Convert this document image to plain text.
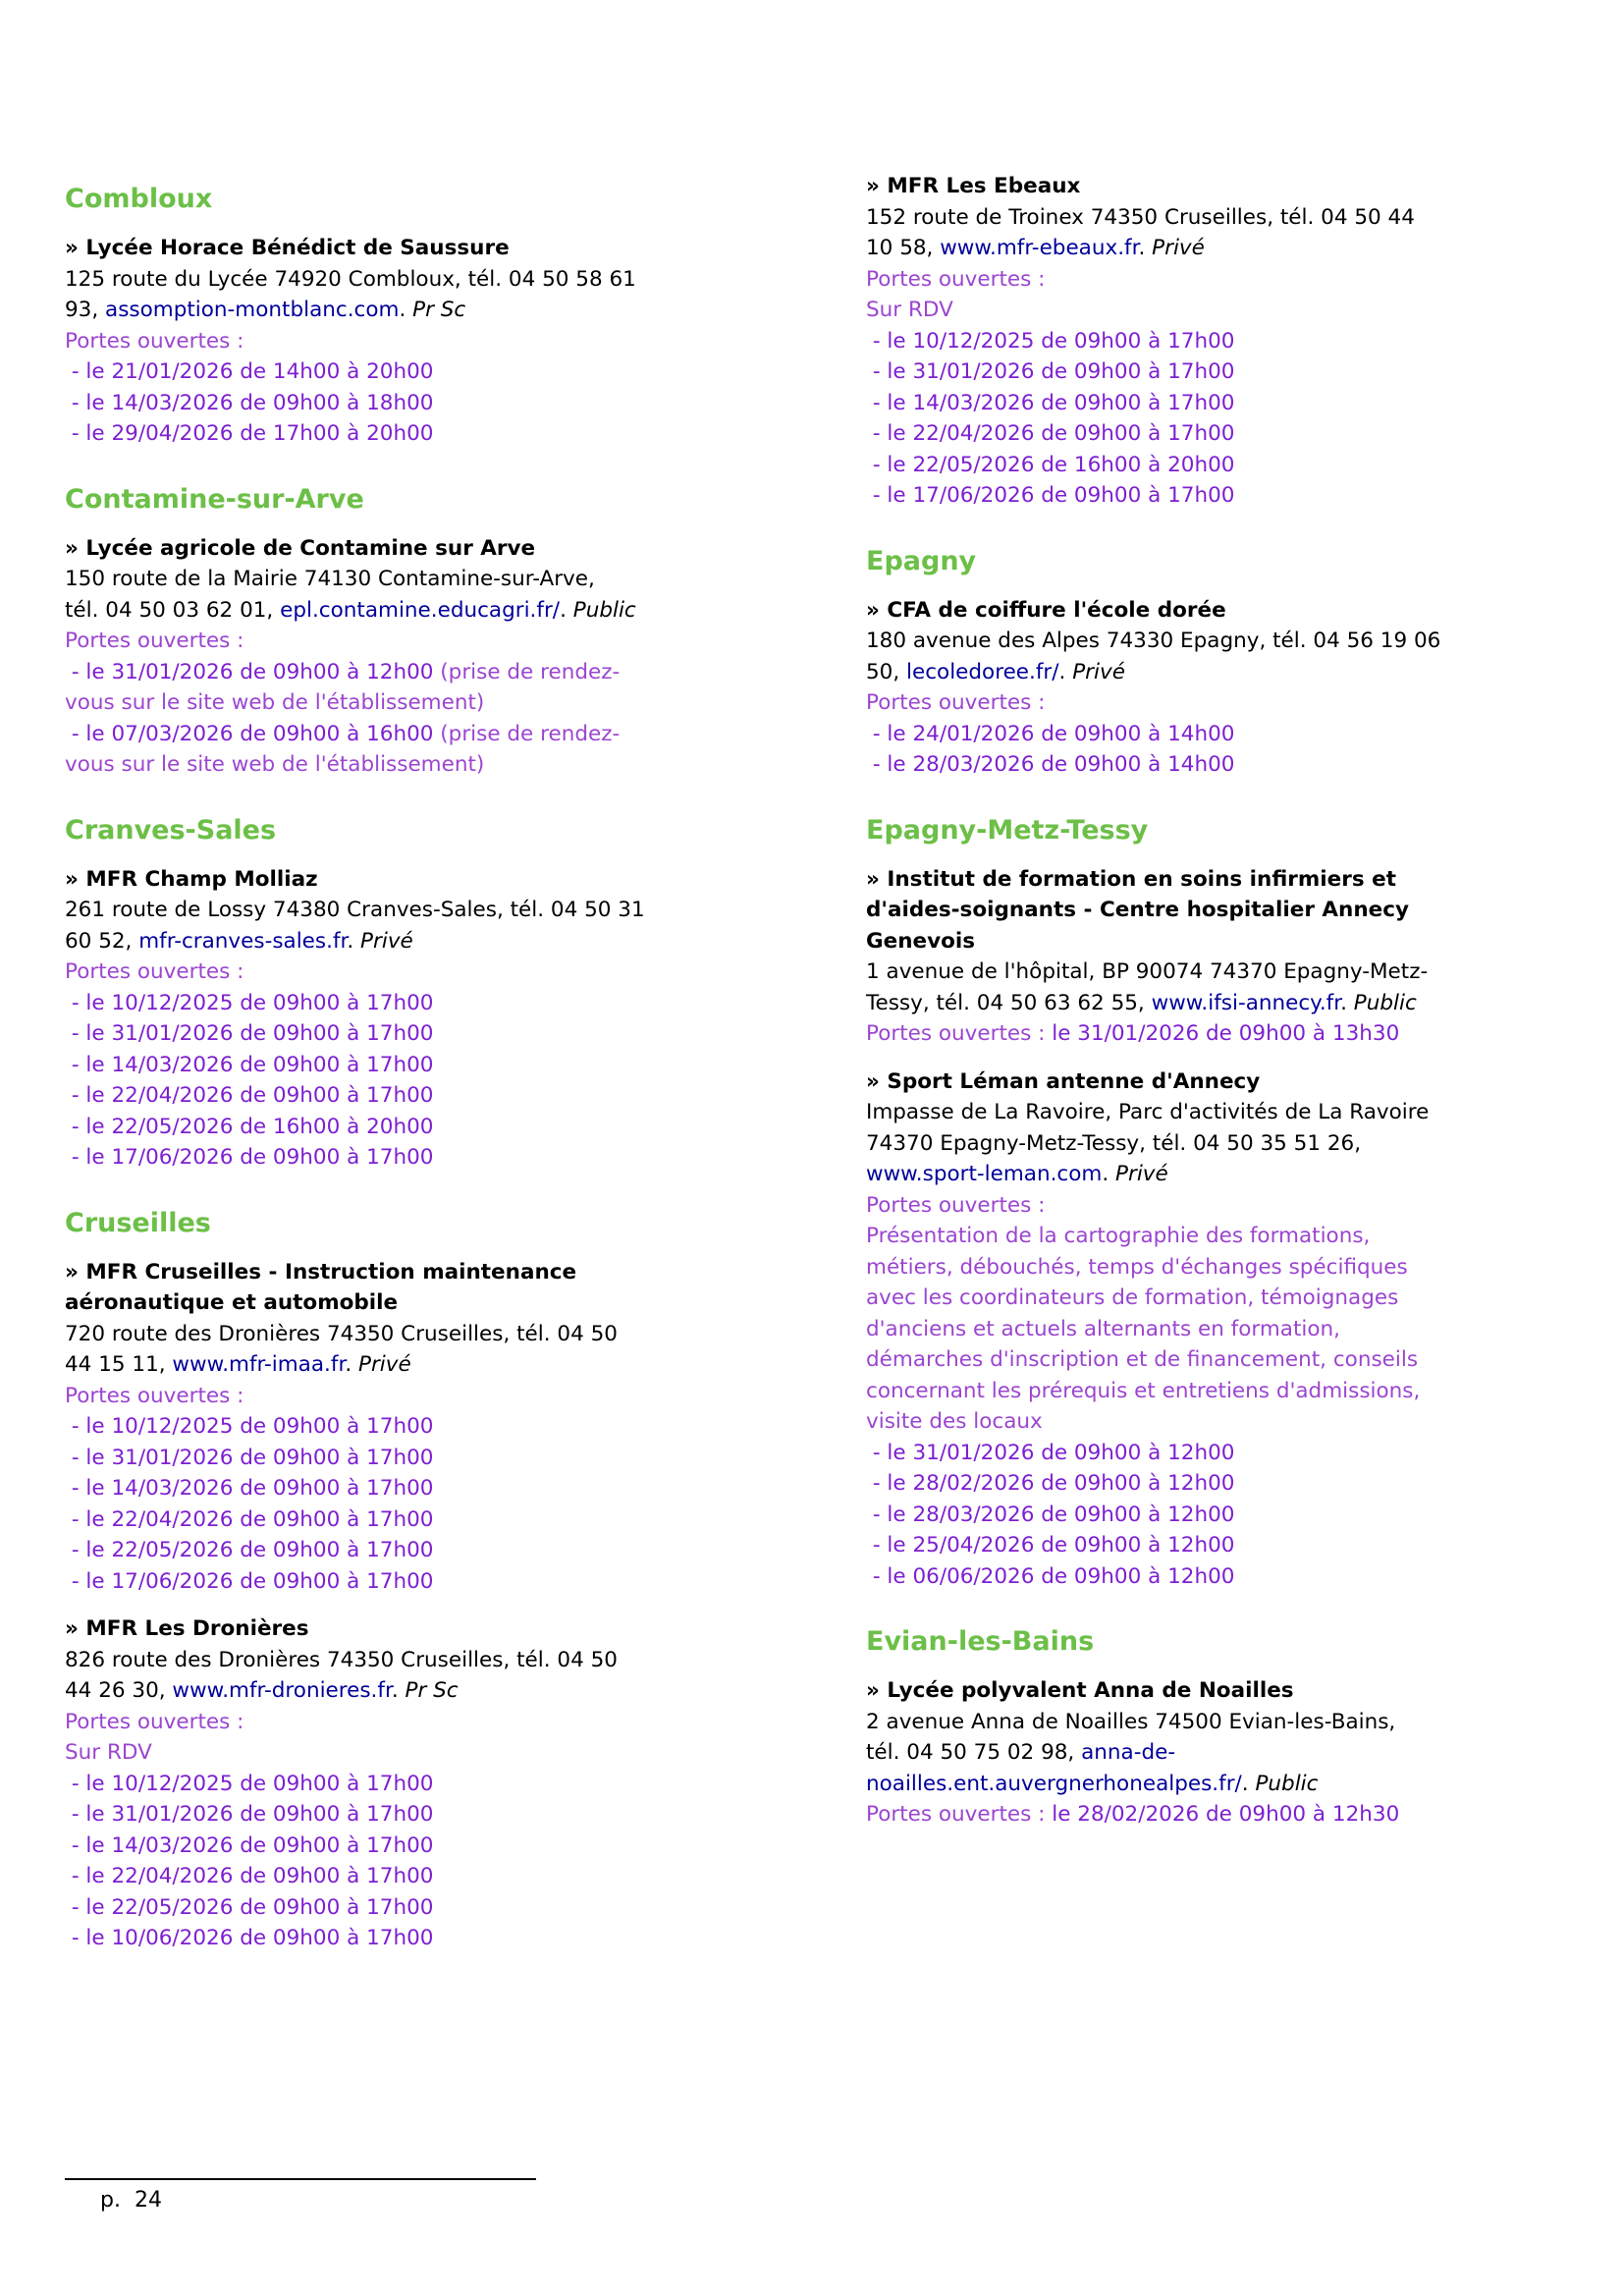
Combloux
» Lycée Horace Bénédict de Saussure
125 route du Lycée 74920 Combloux, tél. 04 50 58 61
93, assomption-montblanc.com. Pr Sc
Portes ouvertes :
- le 21/01/2026 de 14h00 à 20h00
- le 14/03/2026 de 09h00 à 18h00
- le 29/04/2026 de 17h00 à 20h00
Contamine-sur-Arve
» Lycée agricole de Contamine sur Arve
150 route de la Mairie 74130 Contamine-sur-Arve,
tél. 04 50 03 62 01, epl.contamine.educagri.fr/. Public
Portes ouvertes :
- le 31/01/2026 de 09h00 à 12h00 (prise de rendez-
vous sur le site web de l'établissement)
- le 07/03/2026 de 09h00 à 16h00 (prise de rendez-
vous sur le site web de l'établissement)
Cranves-Sales
» MFR Champ Molliaz
261 route de Lossy 74380 Cranves-Sales, tél. 04 50 31
60 52, mfr-cranves-sales.fr. Privé
Portes ouvertes :
- le 10/12/2025 de 09h00 à 17h00
- le 31/01/2026 de 09h00 à 17h00
- le 14/03/2026 de 09h00 à 17h00
- le 22/04/2026 de 09h00 à 17h00
- le 22/05/2026 de 16h00 à 20h00
- le 17/06/2026 de 09h00 à 17h00
Cruseilles
» MFR Cruseilles - Instruction maintenance
aéronautique et automobile
720 route des Dronières 74350 Cruseilles, tél. 04 50
44 15 11, www.mfr-imaa.fr. Privé
Portes ouvertes :
- le 10/12/2025 de 09h00 à 17h00
- le 31/01/2026 de 09h00 à 17h00
- le 14/03/2026 de 09h00 à 17h00
- le 22/04/2026 de 09h00 à 17h00
- le 22/05/2026 de 09h00 à 17h00
- le 17/06/2026 de 09h00 à 17h00
» MFR Les Dronières
826 route des Dronières 74350 Cruseilles, tél. 04 50
44 26 30, www.mfr-dronieres.fr. Pr Sc
Portes ouvertes :
Sur RDV
- le 10/12/2025 de 09h00 à 17h00
- le 31/01/2026 de 09h00 à 17h00
- le 14/03/2026 de 09h00 à 17h00
- le 22/04/2026 de 09h00 à 17h00
- le 22/05/2026 de 09h00 à 17h00
- le 10/06/2026 de 09h00 à 17h00
» MFR Les Ebeaux
152 route de Troinex 74350 Cruseilles, tél. 04 50 44
10 58, www.mfr-ebeaux.fr. Privé
Portes ouvertes :
Sur RDV
- le 10/12/2025 de 09h00 à 17h00
- le 31/01/2026 de 09h00 à 17h00
- le 14/03/2026 de 09h00 à 17h00
- le 22/04/2026 de 09h00 à 17h00
- le 22/05/2026 de 16h00 à 20h00
- le 17/06/2026 de 09h00 à 17h00
Epagny
» CFA de coiffure l'école dorée
180 avenue des Alpes 74330 Epagny, tél. 04 56 19 06
50, lecoledoree.fr/. Privé
Portes ouvertes :
- le 24/01/2026 de 09h00 à 14h00
- le 28/03/2026 de 09h00 à 14h00
Epagny-Metz-Tessy
» Institut de formation en soins infirmiers et
d'aides-soignants - Centre hospitalier Annecy
Genevois
1 avenue de l'hôpital, BP 90074 74370 Epagny-Metz-
Tessy, tél. 04 50 63 62 55, www.ifsi-annecy.fr. Public
Portes ouvertes : le 31/01/2026 de 09h00 à 13h30
» Sport Léman antenne d'Annecy
Impasse de La Ravoire, Parc d'activités de La Ravoire
74370 Epagny-Metz-Tessy, tél. 04 50 35 51 26,
www.sport-leman.com. Privé
Portes ouvertes :
Présentation de la cartographie des formations,
métiers, débouchés, temps d'échanges spécifiques
avec les coordinateurs de formation, témoignages
d'anciens et actuels alternants en formation,
démarches d'inscription et de financement, conseils
concernant les prérequis et entretiens d'admissions,
visite des locaux
- le 31/01/2026 de 09h00 à 12h00
- le 28/02/2026 de 09h00 à 12h00
- le 28/03/2026 de 09h00 à 12h00
- le 25/04/2026 de 09h00 à 12h00
- le 06/06/2026 de 09h00 à 12h00
Evian-les-Bains
» Lycée polyvalent Anna de Noailles
2 avenue Anna de Noailles 74500 Evian-les-Bains,
tél. 04 50 75 02 98, anna-de-
noailles.ent.auvergnerhonealpes.fr/. Public
Portes ouvertes : le 28/02/2026 de 09h00 à 12h30
p.  24
